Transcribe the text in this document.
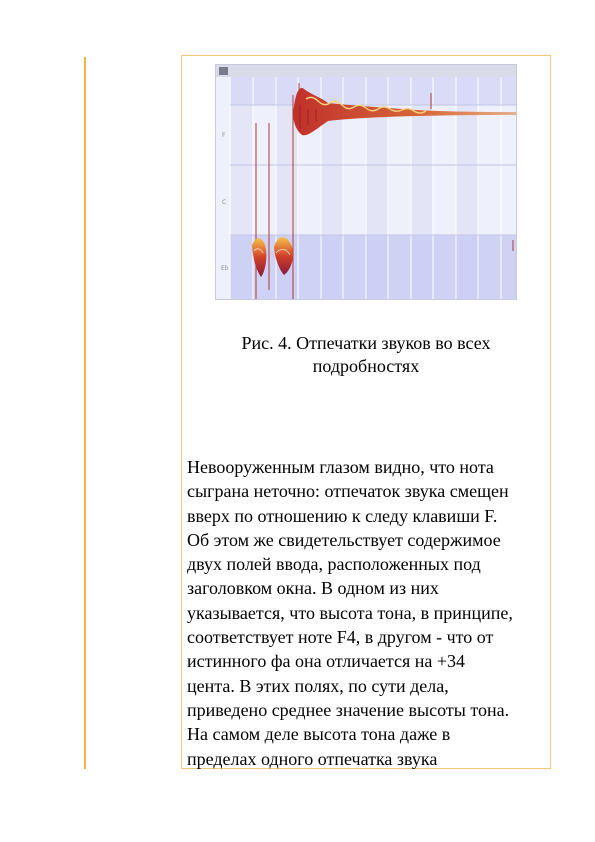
F
C
Eb
Рис. 4. Отпечатки звуков во всех
подробностях
Невооруженным глазом видно, что нота
сыграна неточно: отпечаток звука смещен
вверх по отношению к следу клавиши F.
Об этом же свидетельствует содержимое
двух полей ввода, расположенных под
заголовком окна. В одном из них
указывается, что высота тона, в принципе,
соответствует ноте F4, в другом - что от
истинного фа она отличается на +34
цента. В этих полях, по сути дела,
приведено среднее значение высоты тона.
На самом деле высота тона даже в
пределах одного отпечатка звука
